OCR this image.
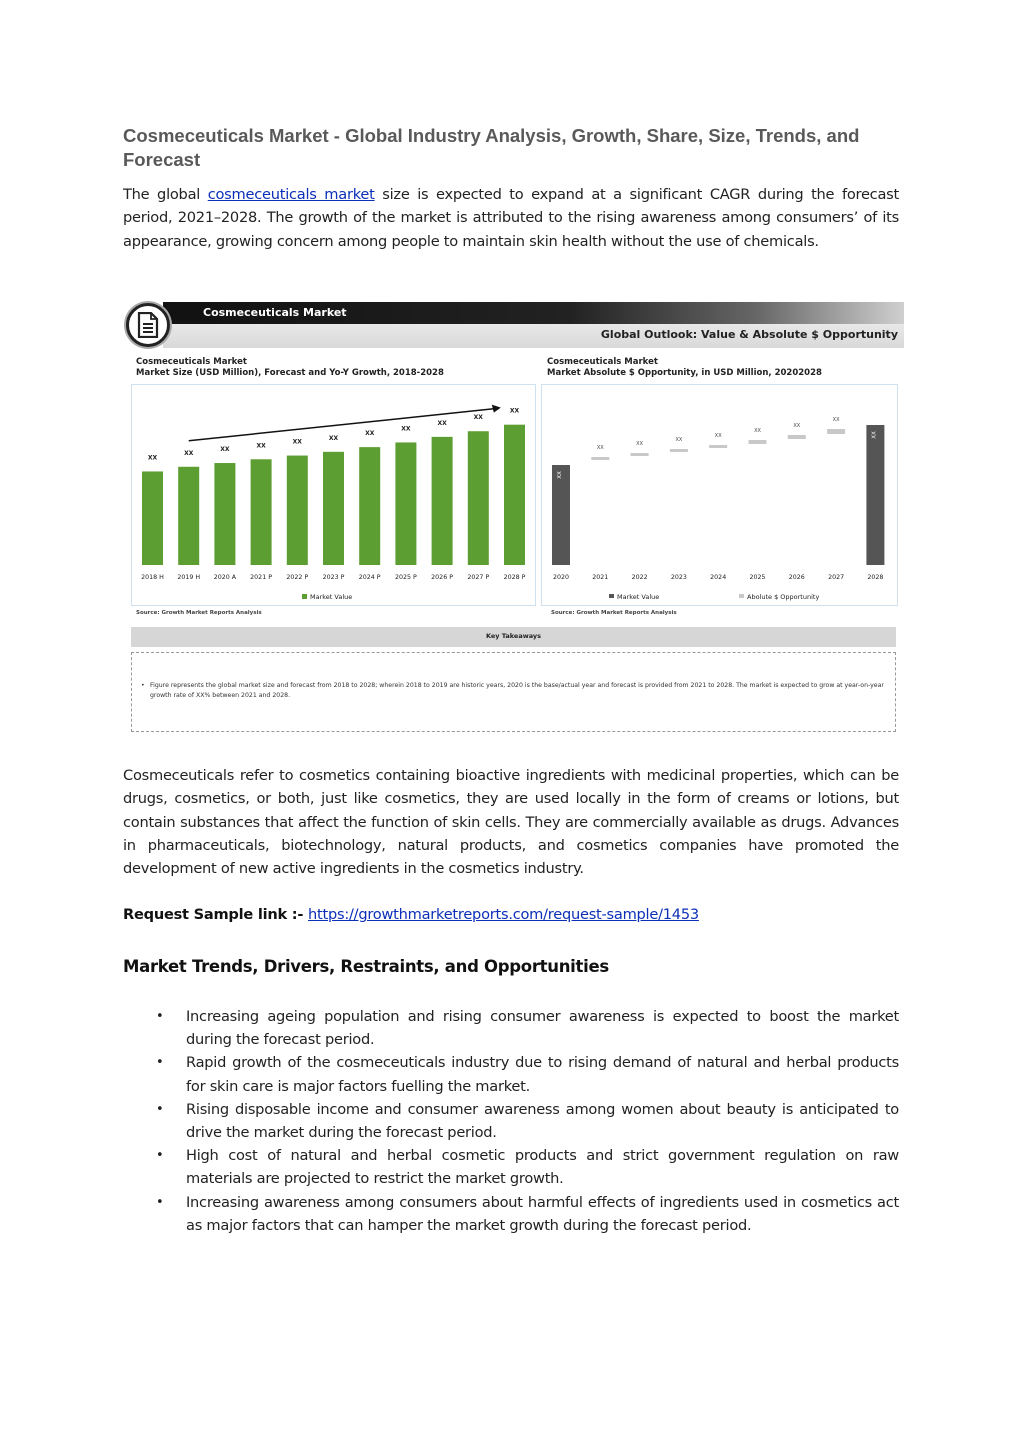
Cosmeceuticals Market - Global Industry Analysis, Growth, Share, Size, Trends, and Forecast
The global cosmeceuticals market size is expected to expand at a significant CAGR during the forecast period, 2021–2028. The growth of the market is attributed to the rising awareness among consumers’ of its appearance, growing concern among people to maintain skin health without the use of chemicals.
Cosmeceuticals Market
Global Outlook: Value & Absolute $ Opportunity
Cosmeceuticals Market
Market Size (USD Million), Forecast and Yo-Y Growth, 2018-2028
XX
2018 H
XX
2019 H
XX
2020 A
XX
2021 P
XX
2022 P
XX
2023 P
XX
2024 P
XX
2025 P
XX
2026 P
XX
2027 P
XX
2028 P
Market Value
Source: Growth Market Reports Analysis
Cosmeceuticals Market
Market Absolute $ Opportunity, in USD Million, 20202028
XX
2020
XX
2021
XX
2022
XX
2023
XX
2024
XX
2025
XX
2026
XX
2027
XX
2028
Market Value	Abolute $ Opportunity
Source: Growth Market Reports Analysis
Key Takeaways
• Figure represents the global market size and forecast from 2018 to 2028; wherein 2018 to 2019 are historic years, 2020 is the base/actual year and forecast is provided from 2021 to 2028. The market is expected to grow at year-on-year growth rate of XX% between 2021 and 2028.
Cosmeceuticals refer to cosmetics containing bioactive ingredients with medicinal properties, which can be drugs, cosmetics, or both, just like cosmetics, they are used locally in the form of creams or lotions, but contain substances that affect the function of skin cells. They are commercially available as drugs. Advances in pharmaceuticals, biotechnology, natural products, and cosmetics companies have promoted the development of new active ingredients in the cosmetics industry.
Request Sample link :- https://growthmarketreports.com/request-sample/1453
Market Trends, Drivers, Restraints, and Opportunities
• Increasing ageing population and rising consumer awareness is expected to boost the market during the forecast period.
• Rapid growth of the cosmeceuticals industry due to rising demand of natural and herbal products for skin care is major factors fuelling the market.
• Rising disposable income and consumer awareness among women about beauty is anticipated to drive the market during the forecast period.
• High cost of natural and herbal cosmetic products and strict government regulation on raw materials are projected to restrict the market growth.
• Increasing awareness among consumers about harmful effects of ingredients used in cosmetics act as major factors that can hamper the market growth during the forecast period.
